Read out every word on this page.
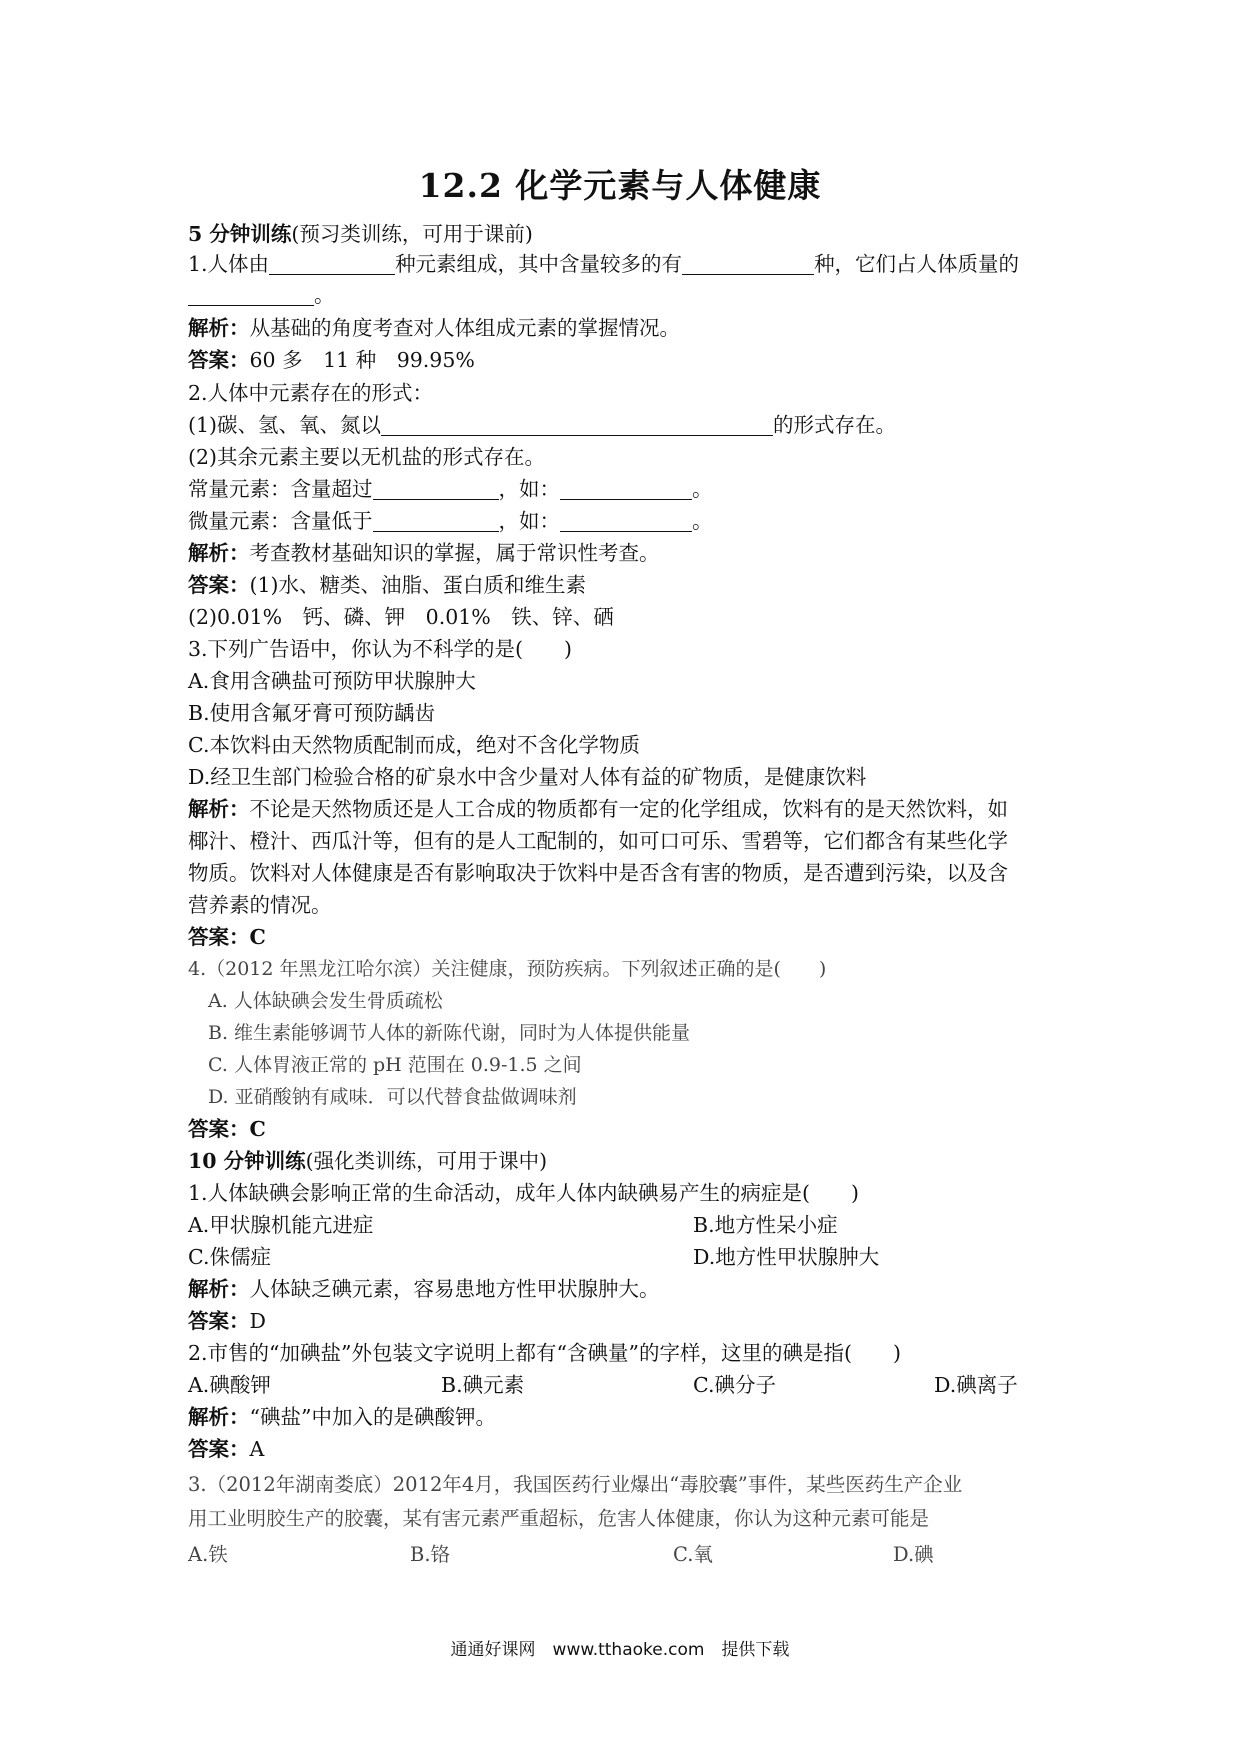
12.2 化学元素与人体健康
5 分钟训练(预习类训练，可用于课前)
1.人体由	种元素组成，其中含量较多的有	种，它们占人体质量的
。
解析：从基础的角度考查对人体组成元素的掌握情况。
答案：60 多　11 种　99.95%
2.人体中元素存在的形式：
(1)碳、氢、氧、氮以	的形式存在。
(2)其余元素主要以无机盐的形式存在。
常量元素：含量超过	，如：	。
微量元素：含量低于	，如：	。
解析：考查教材基础知识的掌握，属于常识性考查。
答案：(1)水、糖类、油脂、蛋白质和维生素
(2)0.01%　钙、磷、钾　0.01%　铁、锌、硒
3.下列广告语中，你认为不科学的是(　　)
A.食用含碘盐可预防甲状腺肿大
B.使用含氟牙膏可预防龋齿
C.本饮料由天然物质配制而成，绝对不含化学物质
D.经卫生部门检验合格的矿泉水中含少量对人体有益的矿物质，是健康饮料
解析：不论是天然物质还是人工合成的物质都有一定的化学组成，饮料有的是天然饮料，如
椰汁、橙汁、西瓜汁等，但有的是人工配制的，如可口可乐、雪碧等，它们都含有某些化学
物质。饮料对人体健康是否有影响取决于饮料中是否含有害的物质，是否遭到污染，以及含
营养素的情况。
答案：C
4.（2012 年黑龙江哈尔滨）关注健康，预防疾病。下列叙述正确的是(　　)
A. 人体缺碘会发生骨质疏松
B. 维生素能够调节人体的新陈代谢，同时为人体提供能量
C. 人体胃液正常的 pH 范围在 0.9-1.5 之间
D. 亚硝酸钠有咸味．可以代替食盐做调味剂
答案：C
10 分钟训练(强化类训练，可用于课中)
1.人体缺碘会影响正常的生命活动，成年人体内缺碘易产生的病症是(　　)
A.甲状腺机能亢进症	B.地方性呆小症
C.侏儒症	D.地方性甲状腺肿大
解析：人体缺乏碘元素，容易患地方性甲状腺肿大。
答案：D
2.市售的“加碘盐”外包装文字说明上都有“含碘量”的字样，这里的碘是指(　　)
A.碘酸钾	B.碘元素	C.碘分子	D.碘离子
解析：“碘盐”中加入的是碘酸钾。
答案：A
3.（2012年湖南娄底）2012年4月，我国医药行业爆出“毒胶囊”事件，某些医药生产企业
用工业明胶生产的胶囊，某有害元素严重超标，危害人体健康，你认为这种元素可能是
A.铁	B.铬	C.氧	D.碘
通通好课网　www.tthaoke.com　提供下载
